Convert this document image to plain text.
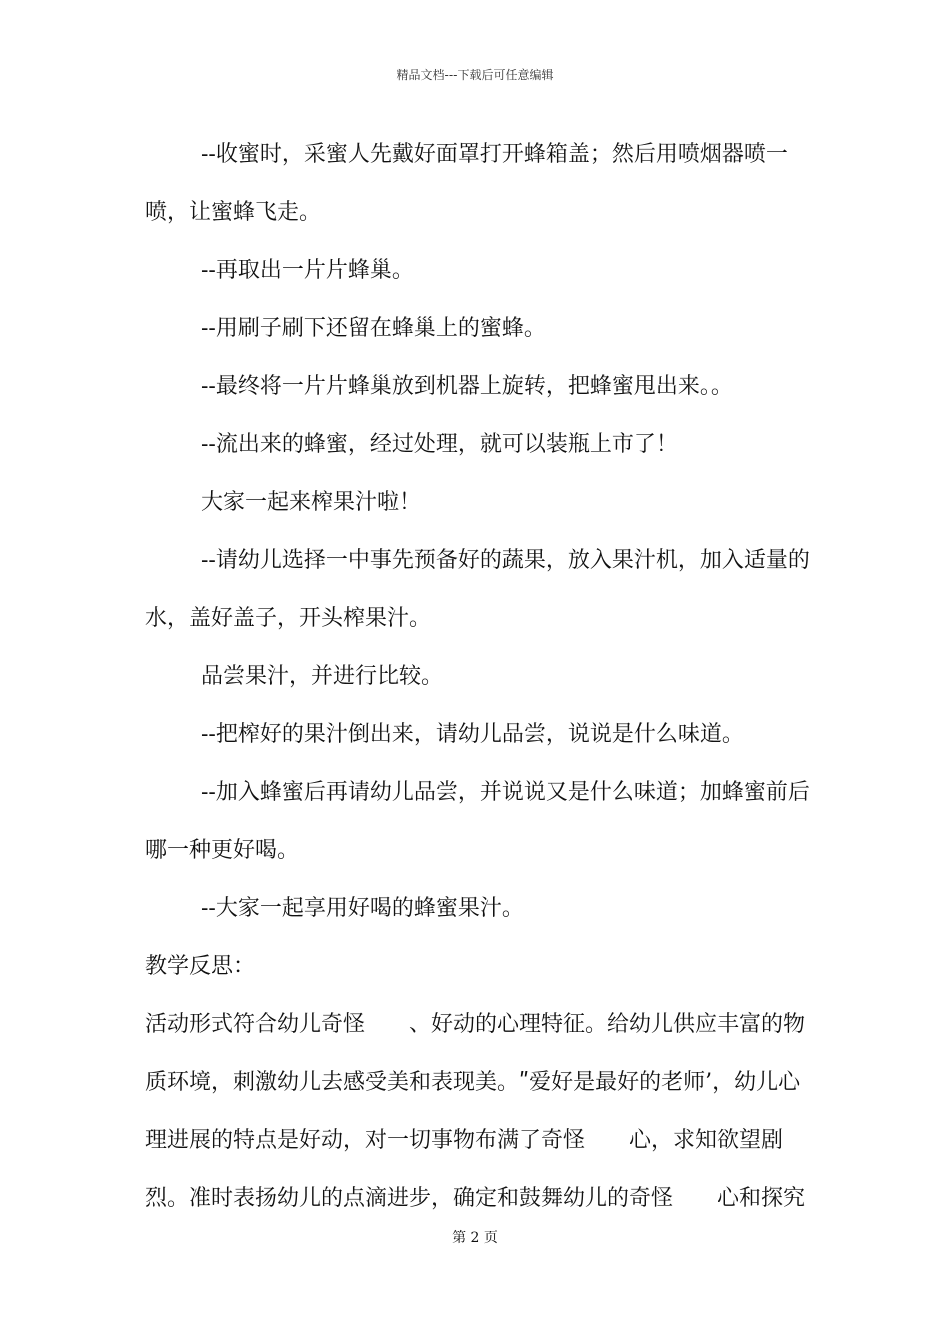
精品文档---下载后可任意编辑

--收蜜时，采蜜人先戴好面罩打开蜂箱盖；然后用喷烟器喷一喷，让蜜蜂飞走。

--再取出一片片蜂巢。

--用刷子刷下还留在蜂巢上的蜜蜂。

--最终将一片片蜂巢放到机器上旋转，把蜂蜜甩出来。。

--流出来的蜂蜜，经过处理，就可以装瓶上市了！

大家一起来榨果汁啦！

--请幼儿选择一中事先预备好的蔬果，放入果汁机，加入适量的水，盖好盖子，开头榨果汁。

品尝果汁，并进行比较。

--把榨好的果汁倒出来，请幼儿品尝，说说是什么味道。

--加入蜂蜜后再请幼儿品尝，并说说又是什么味道；加蜂蜜前后哪一种更好喝。

--大家一起享用好喝的蜂蜜果汁。

教学反思：

活动形式符合幼儿奇怪　　、好动的心理特征。给幼儿供应丰富的物质环境，刺激幼儿去感受美和表现美。ʺ爱好是最好的老师’，幼儿心理进展的特点是好动，对一切事物布满了奇怪　　心，求知欲望剧烈。准时表扬幼儿的点滴进步，确定和鼓舞幼儿的奇怪　　心和探究

第 2 页
